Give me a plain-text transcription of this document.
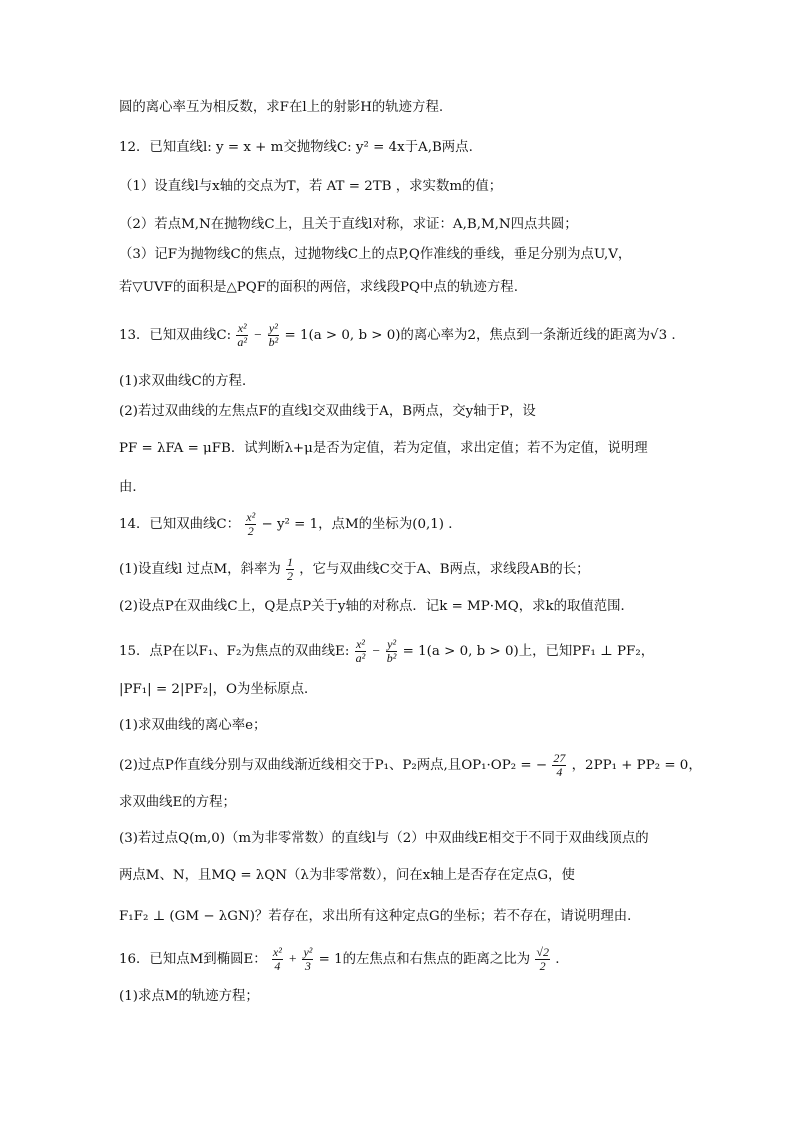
圆的离心率互为相反数，求F在l上的射影H的轨迹方程.
12．已知直线l: y = x + m交抛物线C: y² = 4x于A,B两点.
（1）设直线l与x轴的交点为T，若 AT = 2TB ，求实数m的值；
（2）若点M,N在抛物线C上，且关于直线l对称，求证：A,B,M,N四点共圆；
（3）记F为抛物线C的焦点，过抛物线C上的点P,Q作准线的垂线，垂足分别为点U,V，
若▽UVF的面积是△PQF的面积的两倍，求线段PQ中点的轨迹方程.
13．已知双曲线C: $\frac{\text{x²}}{\text{a²}} - \frac{\text{y²}}{\text{b²}} = 1(a > 0$, b > 0)的离心率为2，焦点到一条渐近线的距离为√3 .
(1)求双曲线C的方程．
(2)若过双曲线的左焦点F的直线l交双曲线于A，B两点，交y轴于P，设
PF = λFA = μFB．试判断λ+μ是否为定值，若为定值，求出定值；若不为定值，说明理
由．
14．已知双曲线C： $\frac{\text{x²}}{2} - y^2 = 1$，点M的坐标为(0,1) ．
(1)设直线l 过点M，斜率为 $\frac{1}{2}$ ，它与双曲线C交于A、B两点，求线段AB的长；
(2)设点P在双曲线C上，Q是点P关于y轴的对称点．记k = MP·MQ，求k的取值范围．
15．点P在以F₁、F₂为焦点的双曲线E: $\frac{\text{x²}}{\text{a²}} - \frac{\text{y²}}{\text{b²}} = 1(a > 0$, b > 0)上，已知PF₁ ⊥ PF₂，
|PF₁| = 2|PF₂|，O为坐标原点．
(1)求双曲线的离心率e；
(2)过点P作直线分别与双曲线渐近线相交于P₁、P₂两点,且OP₁·OP₂ = − $\frac{27}{4}$ ，2PP₁ + PP₂ = 0，
求双曲线E的方程；
(3)若过点Q(m,0)（m为非零常数）的直线l与（2）中双曲线E相交于不同于双曲线顶点的
两点M、N，且MQ = λQN（λ为非零常数），问在x轴上是否存在定点G，使
F₁F₂ ⊥ (GM − λGN)？若存在，求出所有这种定点G的坐标；若不存在，请说明理由．
16．已知点M到椭圆E： $\frac{\text{x²}}{4} + \frac{\text{y²}}{3} = 1$的左焦点和右焦点的距离之比为 $\frac{√2}{2}$ .
(1)求点M的轨迹方程；
